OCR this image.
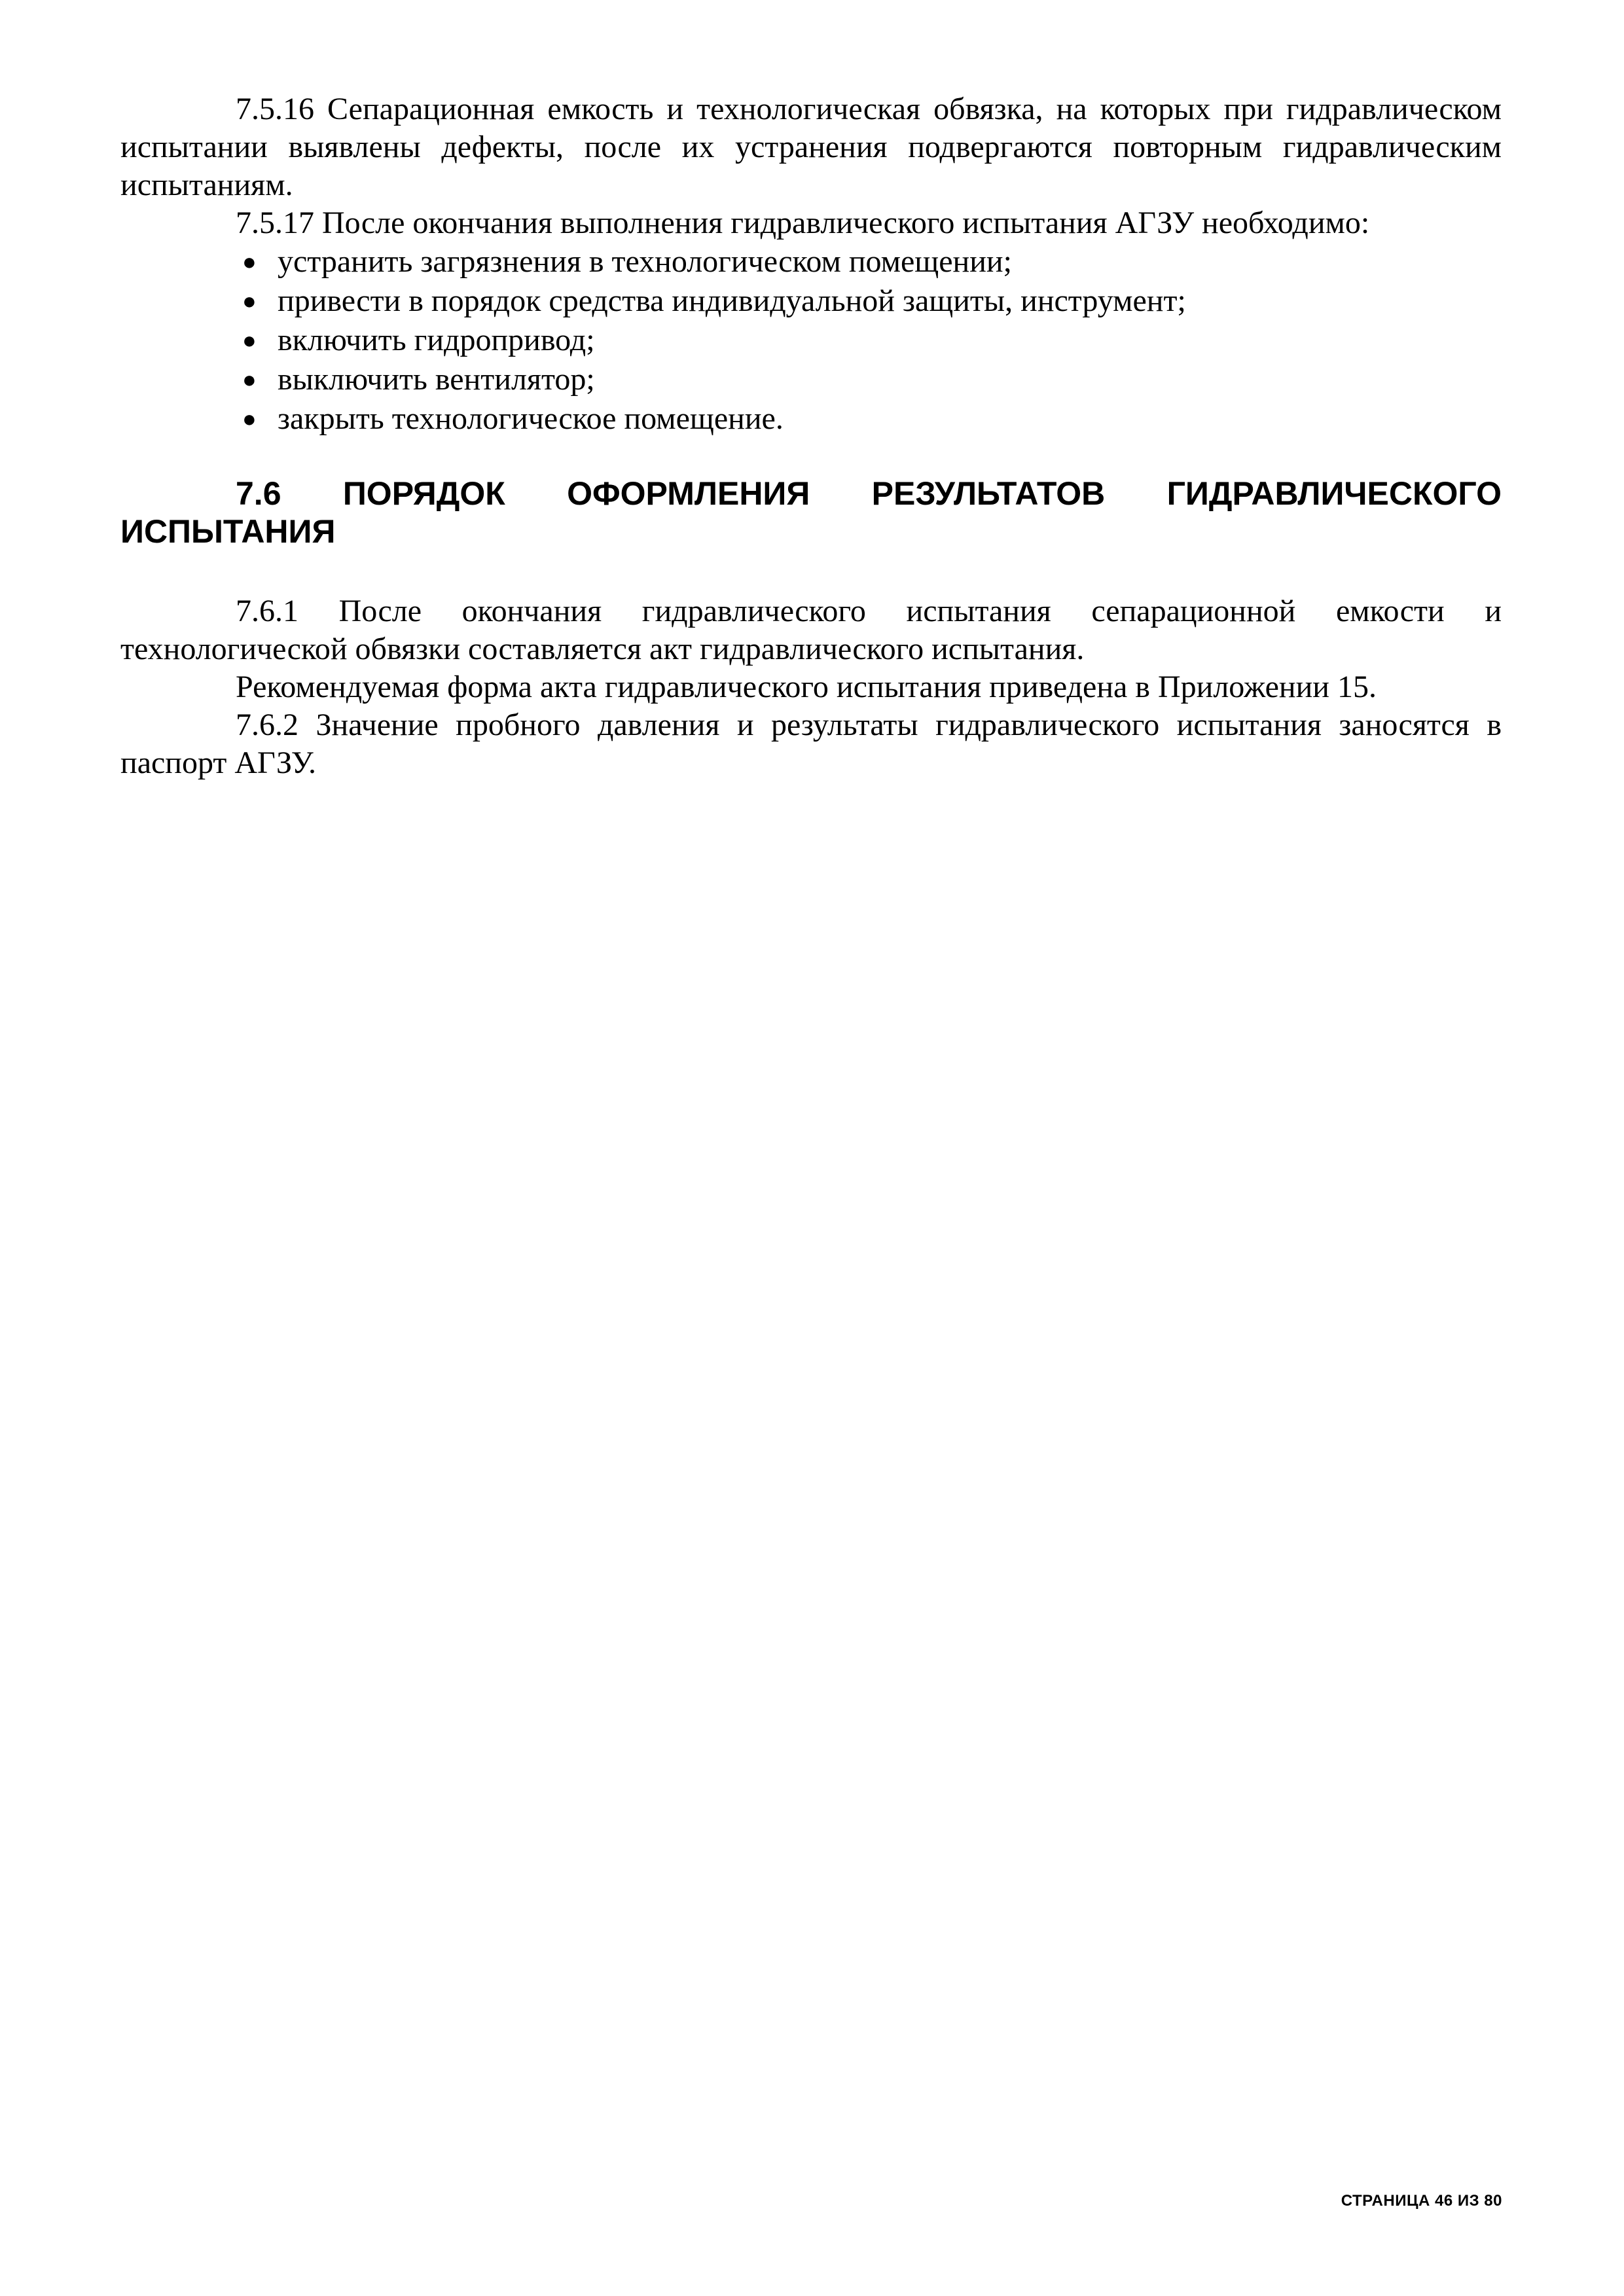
7.5.16 Сепарационная емкость и технологическая обвязка, на которых при гидравлическом испытании выявлены дефекты, после их устранения подвергаются повторным гидравлическим испытаниям.

7.5.17 После окончания выполнения гидравлического испытания АГЗУ необходимо:

● устранить загрязнения в технологическом помещении;
● привести в порядок средства индивидуальной защиты, инструмент;
● включить гидропривод;
● выключить вентилятор;
● закрыть технологическое помещение.
7.6 ПОРЯДОК ОФОРМЛЕНИЯ РЕЗУЛЬТАТОВ ГИДРАВЛИЧЕСКОГО ИСПЫТАНИЯ

7.6.1 После окончания гидравлического испытания сепарационной емкости и технологической обвязки составляется акт гидравлического испытания.

Рекомендуемая форма акта гидравлического испытания приведена в Приложении 15.

7.6.2 Значение пробного давления и результаты гидравлического испытания заносятся в паспорт АГЗУ.

СТРАНИЦА 46 ИЗ 80
